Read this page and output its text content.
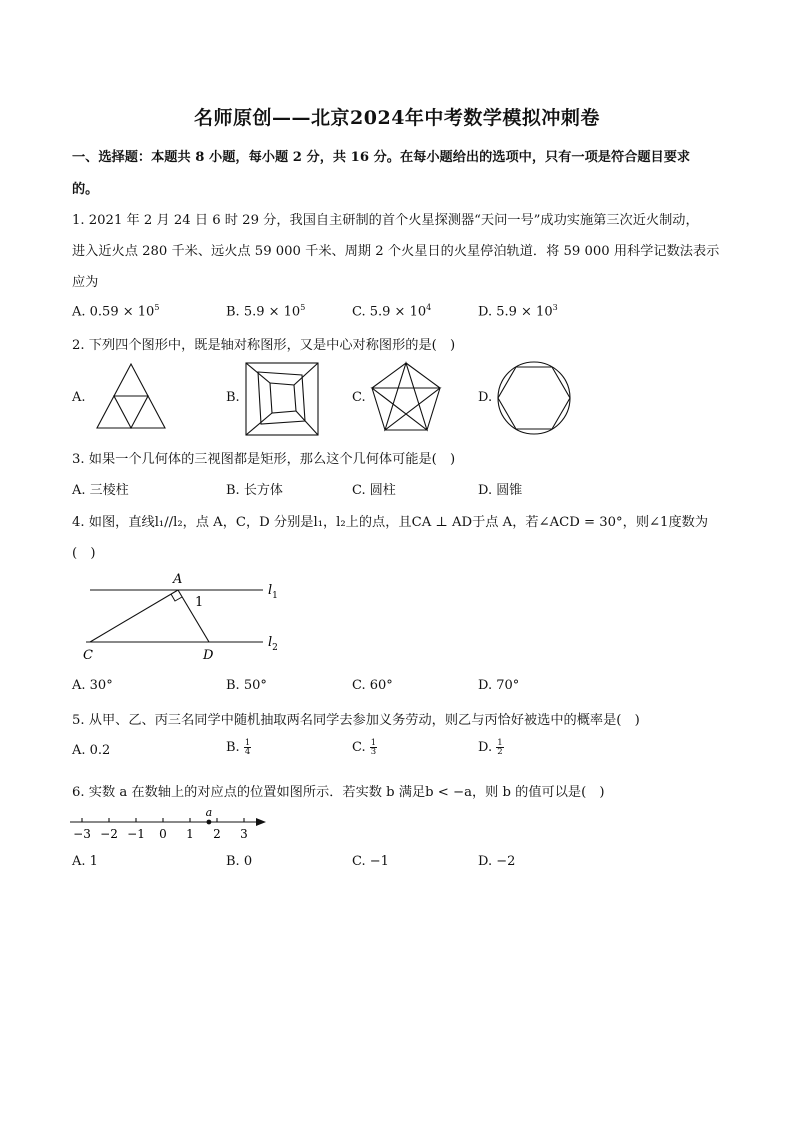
名师原创——北京2024年中考数学模拟冲刺卷
一、选择题：本题共 8 小题，每小题 2 分，共 16 分。在每小题给出的选项中，只有一项是符合题目要求
的。
1. 2021 年 2 月 24 日 6 时 29 分，我国自主研制的首个火星探测器“天问一号”成功实施第三次近火制动，
进入近火点 280 千米、远火点 59 000 千米、周期 2 个火星日的火星停泊轨道．将 59 000 用科学记数法表示
应为
A. $0.59 \times 10^5$	B. $5.9 \times 10^5$	C. $5.9 \times 10^4$	D. $5.9 \times 10^3$
2. 下列四个图形中，既是轴对称图形，又是中心对称图形的是(　)
A.	B.	C.	D.
3. 如果一个几何体的三视图都是矩形，那么这个几何体可能是(　)
A. 三棱柱	B. 长方体	C. 圆柱	D. 圆锥
4. 如图，直线l₁//l₂，点 A，C，D 分别是l₁，l₂上的点，且CA ⊥ AD于点 A，若∠ACD = 30°，则∠1度数为
(　)
A
1
C	D
$l_1$
$l_2$
A. 30°	B. 50°	C. 60°	D. 70°
5. 从甲、乙、丙三名同学中随机抽取两名同学去参加义务劳动，则乙与丙恰好被选中的概率是(　)
A. 0.2	B. $\frac{1}{4}$	C. $\frac{1}{3}$	D. $\frac{1}{2}$
6. 实数 a 在数轴上的对应点的位置如图所示．若实数 b 满足b < −a，则 b 的值可以是(　)
−3 −2 −1 0 1 2 3
a
A. 1	B. 0	C. −1	D. −2
